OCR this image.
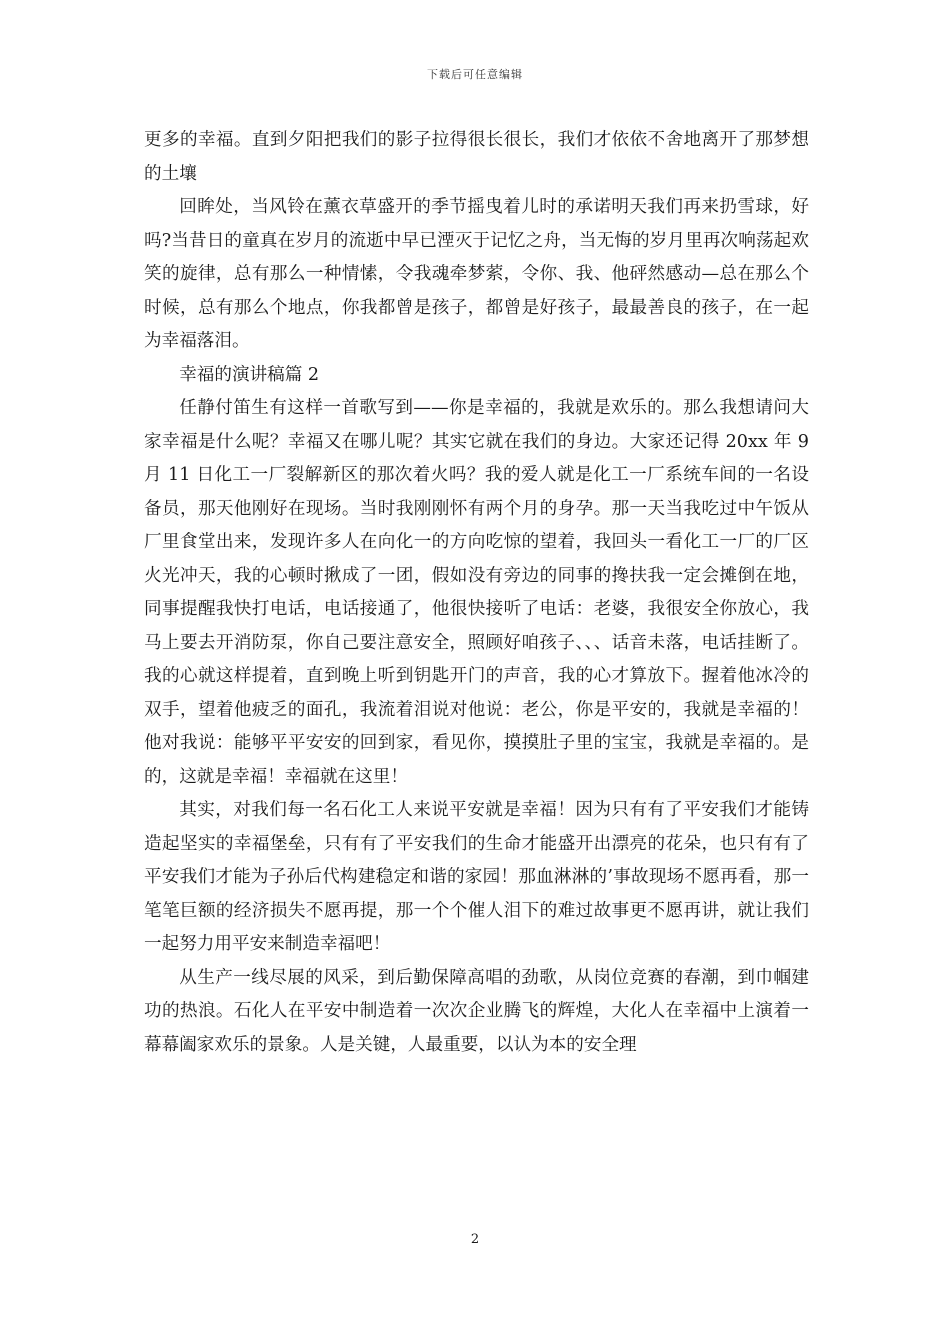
下载后可任意编辑

更多的幸福。直到夕阳把我们的影子拉得很长很长，我们才依依不舍地离开了那梦想的土壤

回眸处，当风铃在薰衣草盛开的季节摇曳着儿时的承诺明天我们再来扔雪球，好吗?当昔日的童真在岁月的流逝中早已湮灭于记忆之舟，当无悔的岁月里再次响荡起欢笑的旋律，总有那么一种情愫，令我魂牵梦萦，令你、我、他砰然感动—总在那么个时候，总有那么个地点，你我都曾是孩子，都曾是好孩子，最最善良的孩子，在一起为幸福落泪。

幸福的演讲稿篇 2

任静付笛生有这样一首歌写到——你是幸福的，我就是欢乐的。那么我想请问大家幸福是什么呢？幸福又在哪儿呢？其实它就在我们的身边。大家还记得 20xx 年 9 月 11 日化工一厂裂解新区的那次着火吗？我的爱人就是化工一厂系统车间的一名设备员，那天他刚好在现场。当时我刚刚怀有两个月的身孕。那一天当我吃过中午饭从厂里食堂出来，发现许多人在向化一的方向吃惊的望着，我回头一看化工一厂的厂区火光冲天，我的心顿时揪成了一团，假如没有旁边的同事的搀扶我一定会摊倒在地，同事提醒我快打电话，电话接通了，他很快接听了电话：老婆，我很安全你放心，我马上要去开消防泵，你自己要注意安全，照顾好咱孩子、、、话音未落，电话挂断了。我的心就这样提着，直到晚上听到钥匙开门的声音，我的心才算放下。握着他冰冷的双手，望着他疲乏的面孔，我流着泪说对他说：老公，你是平安的，我就是幸福的！他对我说：能够平平安安的回到家，看见你，摸摸肚子里的宝宝，我就是幸福的。是的，这就是幸福！幸福就在这里！

其实，对我们每一名石化工人来说平安就是幸福！因为只有有了平安我们才能铸造起坚实的幸福堡垒，只有有了平安我们的生命才能盛开出漂亮的花朵，也只有有了平安我们才能为子孙后代构建稳定和谐的家园！那血淋淋的’事故现场不愿再看，那一笔笔巨额的经济损失不愿再提，那一个个催人泪下的难过故事更不愿再讲，就让我们一起努力用平安来制造幸福吧！

从生产一线尽展的风采，到后勤保障高唱的劲歌，从岗位竞赛的春潮，到巾帼建功的热浪。石化人在平安中制造着一次次企业腾飞的辉煌，大化人在幸福中上演着一幕幕阖家欢乐的景象。人是关键，人最重要，以认为本的安全理

2
